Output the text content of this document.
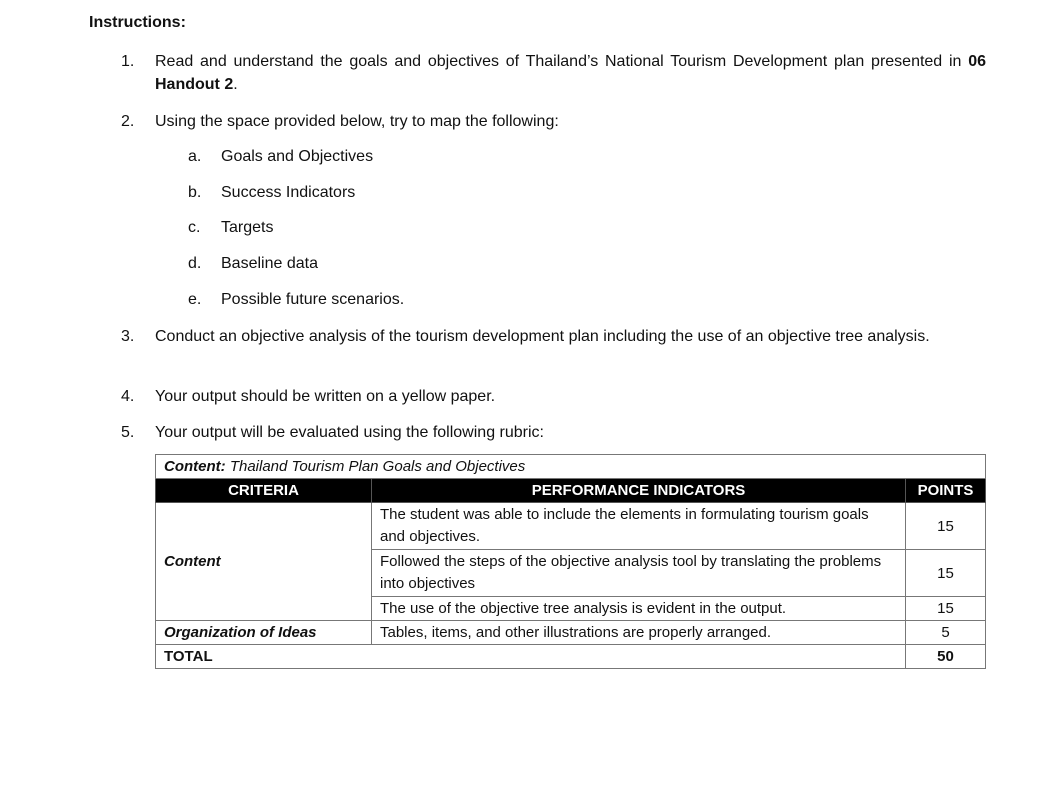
Instructions:
1. Read and understand the goals and objectives of Thailand’s National Tourism Development plan presented in 06 Handout 2.
2. Using the space provided below, try to map the following:
a. Goals and Objectives
b. Success Indicators
c. Targets
d. Baseline data
e. Possible future scenarios.
3. Conduct an objective analysis of the tourism development plan including the use of an objective tree analysis.
4. Your output should be written on a yellow paper.
5. Your output will be evaluated using the following rubric:
Content: Thailand Tourism Plan Goals and Objectives		
CRITERIA	PERFORMANCE INDICATORS	POINTS
Content	The student was able to include the elements in formulating tourism goals and objectives.	15
	Followed the steps of the objective analysis tool by translating the problems into objectives	15
	The use of the objective tree analysis is evident in the output.	15
Organization of Ideas	Tables, items, and other illustrations are properly arranged.	5
TOTAL		50
